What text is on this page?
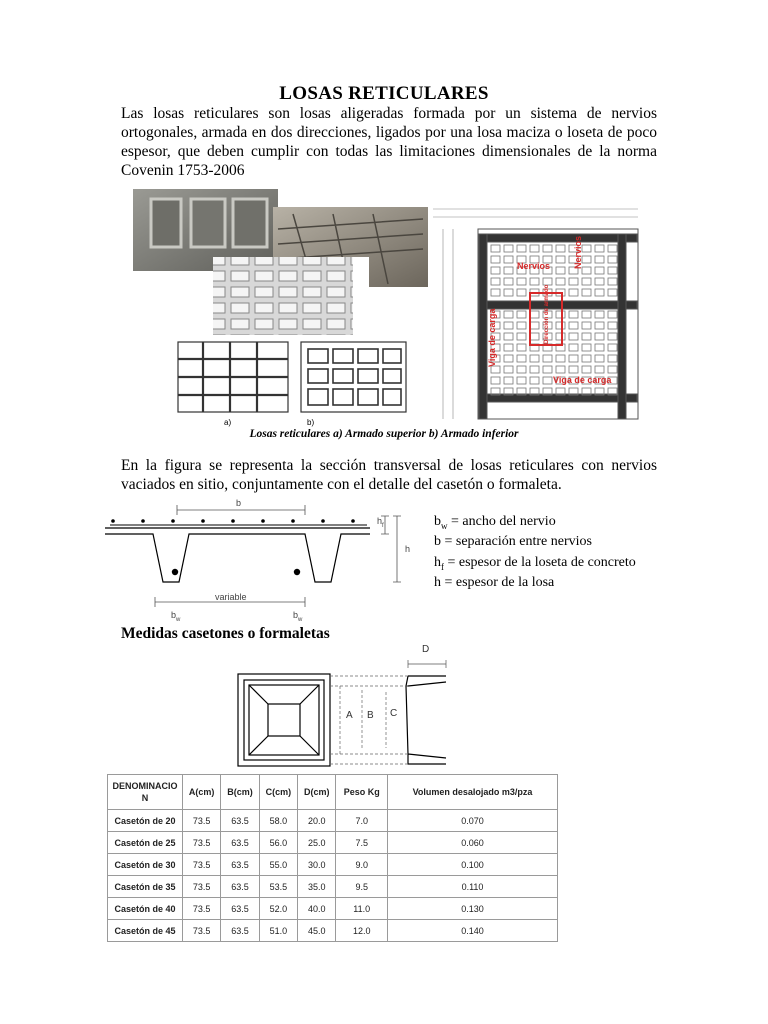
LOSAS RETICULARES
Las losas reticulares son losas aligeradas formada por un sistema de nervios ortogonales, armada en dos direcciones, ligados por una losa maciza o loseta de poco espesor, que deben cumplir con todas las limitaciones dimensionales de la norma Covenin 1753-2006
a)	b)
Nervios	Nervios
Viga de carga
Viga de carga
Dirección de armado
Losas reticulares a) Armado superior b) Armado inferior
En la figura se representa la sección transversal de losas reticulares con nervios vaciados en sitio, conjuntamente con el detalle del casetón o formaleta.
b
$h_f$
h
variable
$b_w$	$b_w$
$b_w$ = ancho del nervio
b = separación entre nervios
$h_f$ = espesor de la loseta de concreto
h = espesor de la losa
Medidas casetones o formaletas
A B C
D
DENOMINACIO N	A(cm)	B(cm)	C(cm)	D(cm)	Peso Kg	Volumen desalojado m3/pza
Casetón de 20	73.5	63.5	58.0	20.0	7.0	0.070
Casetón de 25	73.5	63.5	56.0	25.0	7.5	0.060
Casetón de 30	73.5	63.5	55.0	30.0	9.0	0.100
Casetón de 35	73.5	63.5	53.5	35.0	9.5	0.110
Casetón de 40	73.5	63.5	52.0	40.0	11.0	0.130
Casetón de 45	73.5	63.5	51.0	45.0	12.0	0.140
